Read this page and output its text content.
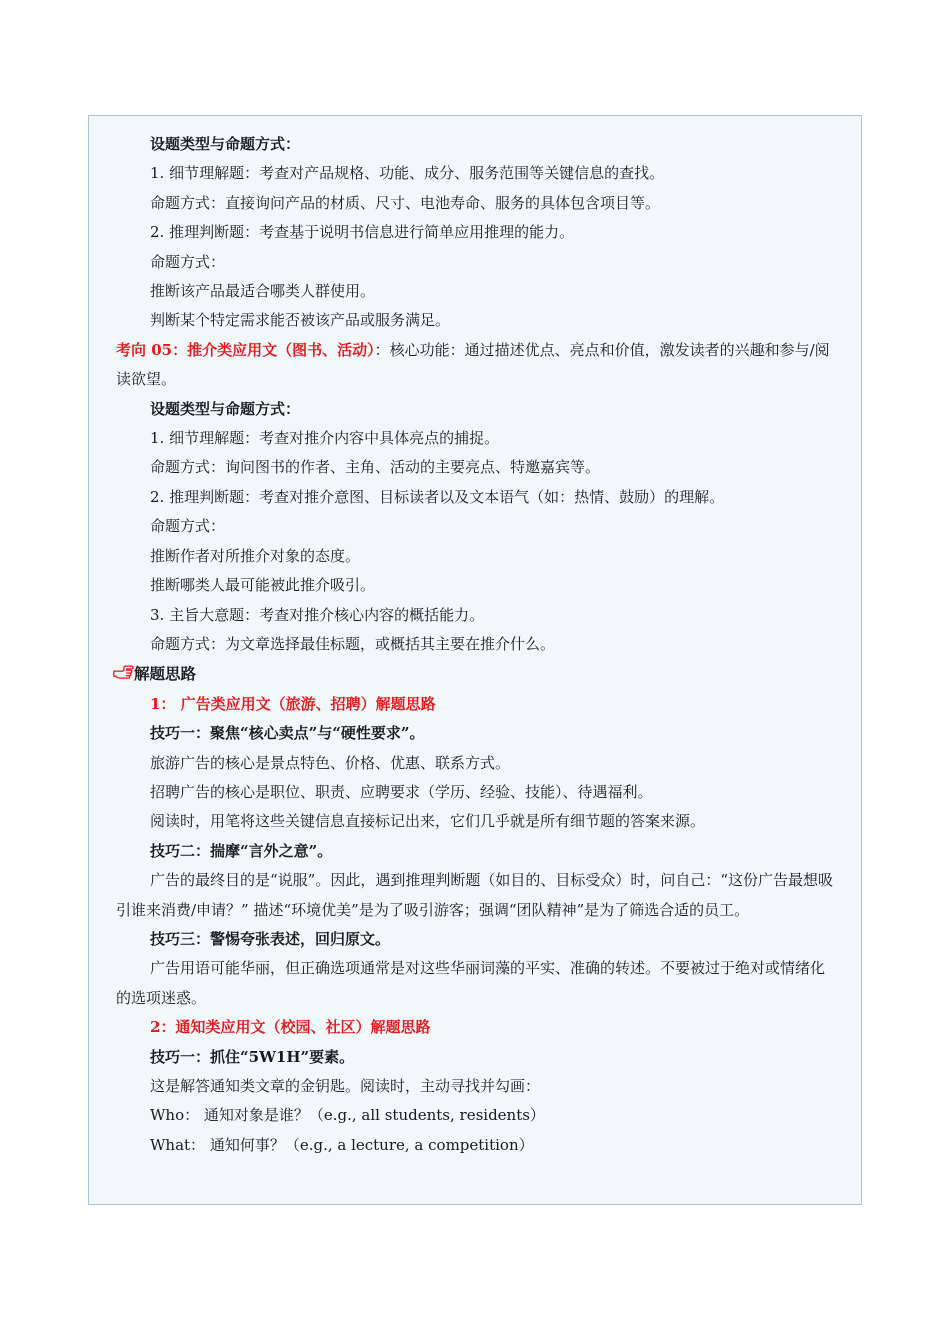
设题类型与命题方式：
1. 细节理解题：考查对产品规格、功能、成分、服务范围等关键信息的查找。
命题方式：直接询问产品的材质、尺寸、电池寿命、服务的具体包含项目等。
2. 推理判断题：考查基于说明书信息进行简单应用推理的能力。
命题方式：
推断该产品最适合哪类人群使用。
判断某个特定需求能否被该产品或服务满足。
考向 05：推介类应用文（图书、活动）：核心功能：通过描述优点、亮点和价值，激发读者的兴趣和参与/阅读欲望。
设题类型与命题方式：
1. 细节理解题：考查对推介内容中具体亮点的捕捉。
命题方式：询问图书的作者、主角、活动的主要亮点、特邀嘉宾等。
2. 推理判断题：考查对推介意图、目标读者以及文本语气（如：热情、鼓励）的理解。
命题方式：
推断作者对所推介对象的态度。
推断哪类人最可能被此推介吸引。
3. 主旨大意题：考查对推介核心内容的概括能力。
命题方式：为文章选择最佳标题，或概括其主要在推介什么。
解题思路
1： 广告类应用文（旅游、招聘）解题思路
技巧一：聚焦“核心卖点”与“硬性要求”。
旅游广告的核心是景点特色、价格、优惠、联系方式。
招聘广告的核心是职位、职责、应聘要求（学历、经验、技能）、待遇福利。
阅读时，用笔将这些关键信息直接标记出来，它们几乎就是所有细节题的答案来源。
技巧二：揣摩“言外之意”。
广告的最终目的是“说服”。因此，遇到推理判断题（如目的、目标受众）时，问自己：“这份广告最想吸引谁来消费/申请？” 描述“环境优美”是为了吸引游客；强调“团队精神”是为了筛选合适的员工。
技巧三：警惕夸张表述，回归原文。
广告用语可能华丽，但正确选项通常是对这些华丽词藻的平实、准确的转述。不要被过于绝对或情绪化的选项迷惑。
2：通知类应用文（校园、社区）解题思路
技巧一：抓住“5W1H”要素。
这是解答通知类文章的金钥匙。阅读时，主动寻找并勾画：
Who： 通知对象是谁？（e.g., all students, residents）
What： 通知何事？（e.g., a lecture, a competition）
